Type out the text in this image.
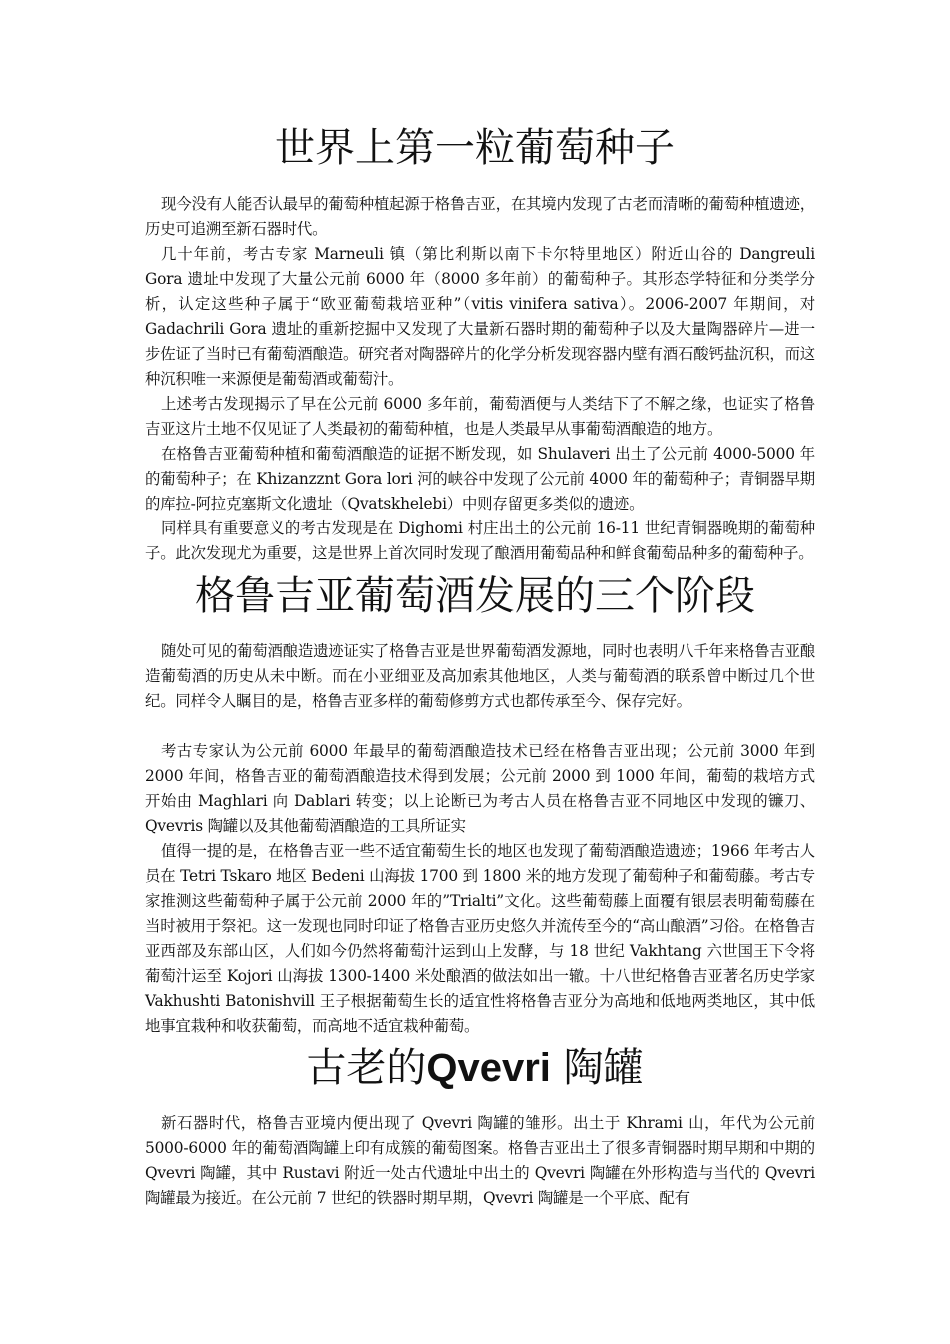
世界上第一粒葡萄种子

现今没有人能否认最早的葡萄种植起源于格鲁吉亚，在其境内发现了古老而清晰的葡萄种植遗迹，历史可追溯至新石器时代。

几十年前，考古专家 Marneuli 镇（第比利斯以南下卡尔特里地区）附近山谷的 Dangreuli Gora 遗址中发现了大量公元前 6000 年（8000 多年前）的葡萄种子。其形态学特征和分类学分析，认定这些种子属于“欧亚葡萄栽培亚种”（vitis vinifera sativa）。2006-2007 年期间，对 Gadachrili Gora 遗址的重新挖掘中又发现了大量新石器时期的葡萄种子以及大量陶器碎片—进一步佐证了当时已有葡萄酒酿造。研究者对陶器碎片的化学分析发现容器内壁有酒石酸钙盐沉积，而这种沉积唯一来源便是葡萄酒或葡萄汁。

上述考古发现揭示了早在公元前 6000 多年前，葡萄酒便与人类结下了不解之缘，也证实了格鲁吉亚这片土地不仅见证了人类最初的葡萄种植，也是人类最早从事葡萄酒酿造的地方。

在格鲁吉亚葡萄种植和葡萄酒酿造的证据不断发现，如 Shulaveri 出土了公元前 4000-5000 年的葡萄种子；在 Khizanzznt Gora lori 河的峡谷中发现了公元前 4000 年的葡萄种子；青铜器早期的库拉-阿拉克塞斯文化遗址（Qvatskhelebi）中则存留更多类似的遗迹。

同样具有重要意义的考古发现是在 Dighomi 村庄出土的公元前 16-11 世纪青铜器晚期的葡萄种子。此次发现尤为重要，这是世界上首次同时发现了酿酒用葡萄品种和鲜食葡萄品种多的葡萄种子。

格鲁吉亚葡萄酒发展的三个阶段

随处可见的葡萄酒酿造遗迹证实了格鲁吉亚是世界葡萄酒发源地，同时也表明八千年来格鲁吉亚酿造葡萄酒的历史从未中断。而在小亚细亚及高加索其他地区，人类与葡萄酒的联系曾中断过几个世纪。同样令人瞩目的是，格鲁吉亚多样的葡萄修剪方式也都传承至今、保存完好。

考古专家认为公元前 6000 年最早的葡萄酒酿造技术已经在格鲁吉亚出现；公元前 3000 年到 2000 年间，格鲁吉亚的葡萄酒酿造技术得到发展；公元前 2000 到 1000 年间，葡萄的栽培方式开始由 Maghlari 向 Dablari 转变；以上论断已为考古人员在格鲁吉亚不同地区中发现的镰刀、Qvevris 陶罐以及其他葡萄酒酿造的工具所证实

值得一提的是，在格鲁吉亚一些不适宜葡萄生长的地区也发现了葡萄酒酿造遗迹；1966 年考古人员在 Tetri Tskaro 地区 Bedeni 山海拔 1700 到 1800 米的地方发现了葡萄种子和葡萄藤。考古专家推测这些葡萄种子属于公元前 2000 年的”Trialti”文化。这些葡萄藤上面覆有银层表明葡萄藤在当时被用于祭祀。这一发现也同时印证了格鲁吉亚历史悠久并流传至今的“高山酿酒”习俗。在格鲁吉亚西部及东部山区，人们如今仍然将葡萄汁运到山上发酵，与 18 世纪 Vakhtang 六世国王下令将葡萄汁运至 Kojori 山海拔 1300-1400 米处酿酒的做法如出一辙。十八世纪格鲁吉亚著名历史学家 Vakhushti Batonishvill 王子根据葡萄生长的适宜性将格鲁吉亚分为高地和低地两类地区，其中低地事宜栽种和收获葡萄，而高地不适宜栽种葡萄。

古老的Qvevri 陶罐

新石器时代，格鲁吉亚境内便出现了 Qvevri 陶罐的雏形。出土于 Khrami 山，年代为公元前 5000-6000 年的葡萄酒陶罐上印有成簇的葡萄图案。格鲁吉亚出土了很多青铜器时期早期和中期的 Qvevri 陶罐，其中 Rustavi 附近一处古代遗址中出土的 Qvevri 陶罐在外形构造与当代的 Qvevri 陶罐最为接近。在公元前 7 世纪的铁器时期早期，Qvevri 陶罐是一个平底、配有
